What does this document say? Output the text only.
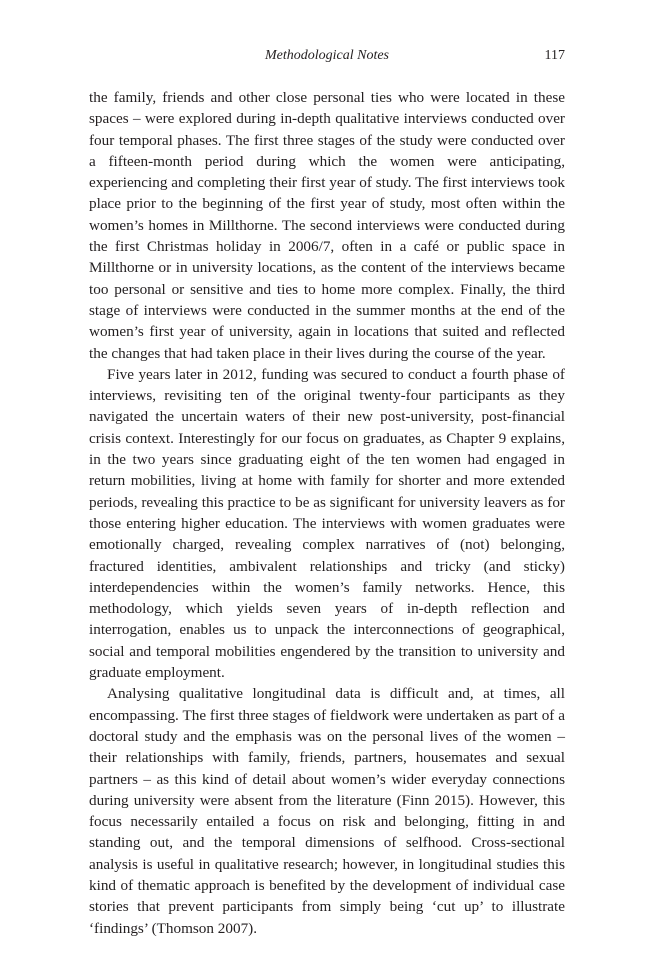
Methodological Notes	117

the family, friends and other close personal ties who were located in these spaces – were explored during in-depth qualitative interviews conducted over four temporal phases. The first three stages of the study were conducted over a fifteen-month period during which the women were anticipating, experiencing and completing their first year of study. The first interviews took place prior to the beginning of the first year of study, most often within the women’s homes in Millthorne. The second interviews were conducted during the first Christmas holiday in 2006/7, often in a café or public space in Millthorne or in university locations, as the content of the interviews became too personal or sensitive and ties to home more complex. Finally, the third stage of interviews were conducted in the summer months at the end of the women’s first year of university, again in locations that suited and reflected the changes that had taken place in their lives during the course of the year.

Five years later in 2012, funding was secured to conduct a fourth phase of interviews, revisiting ten of the original twenty-four participants as they navigated the uncertain waters of their new post-university, post-financial crisis context. Interestingly for our focus on graduates, as Chapter 9 explains, in the two years since graduating eight of the ten women had engaged in return mobilities, living at home with family for shorter and more extended periods, revealing this practice to be as significant for university leavers as for those entering higher education. The interviews with women graduates were emotionally charged, revealing complex narratives of (not) belonging, fractured identities, ambivalent relationships and tricky (and sticky) interdependencies within the women’s family networks. Hence, this methodology, which yields seven years of in-depth reflection and interrogation, enables us to unpack the interconnections of geographical, social and temporal mobilities engendered by the transition to university and graduate employment.

Analysing qualitative longitudinal data is difficult and, at times, all encompassing. The first three stages of fieldwork were undertaken as part of a doctoral study and the emphasis was on the personal lives of the women – their relationships with family, friends, partners, housemates and sexual partners – as this kind of detail about women’s wider everyday connections during university were absent from the literature (Finn 2015). However, this focus necessarily entailed a focus on risk and belonging, fitting in and standing out, and the temporal dimensions of selfhood. Cross-sectional analysis is useful in qualitative research; however, in longitudinal studies this kind of thematic approach is benefited by the development of individual case stories that prevent participants from simply being ‘cut up’ to illustrate ‘findings’ (Thomson 2007).
